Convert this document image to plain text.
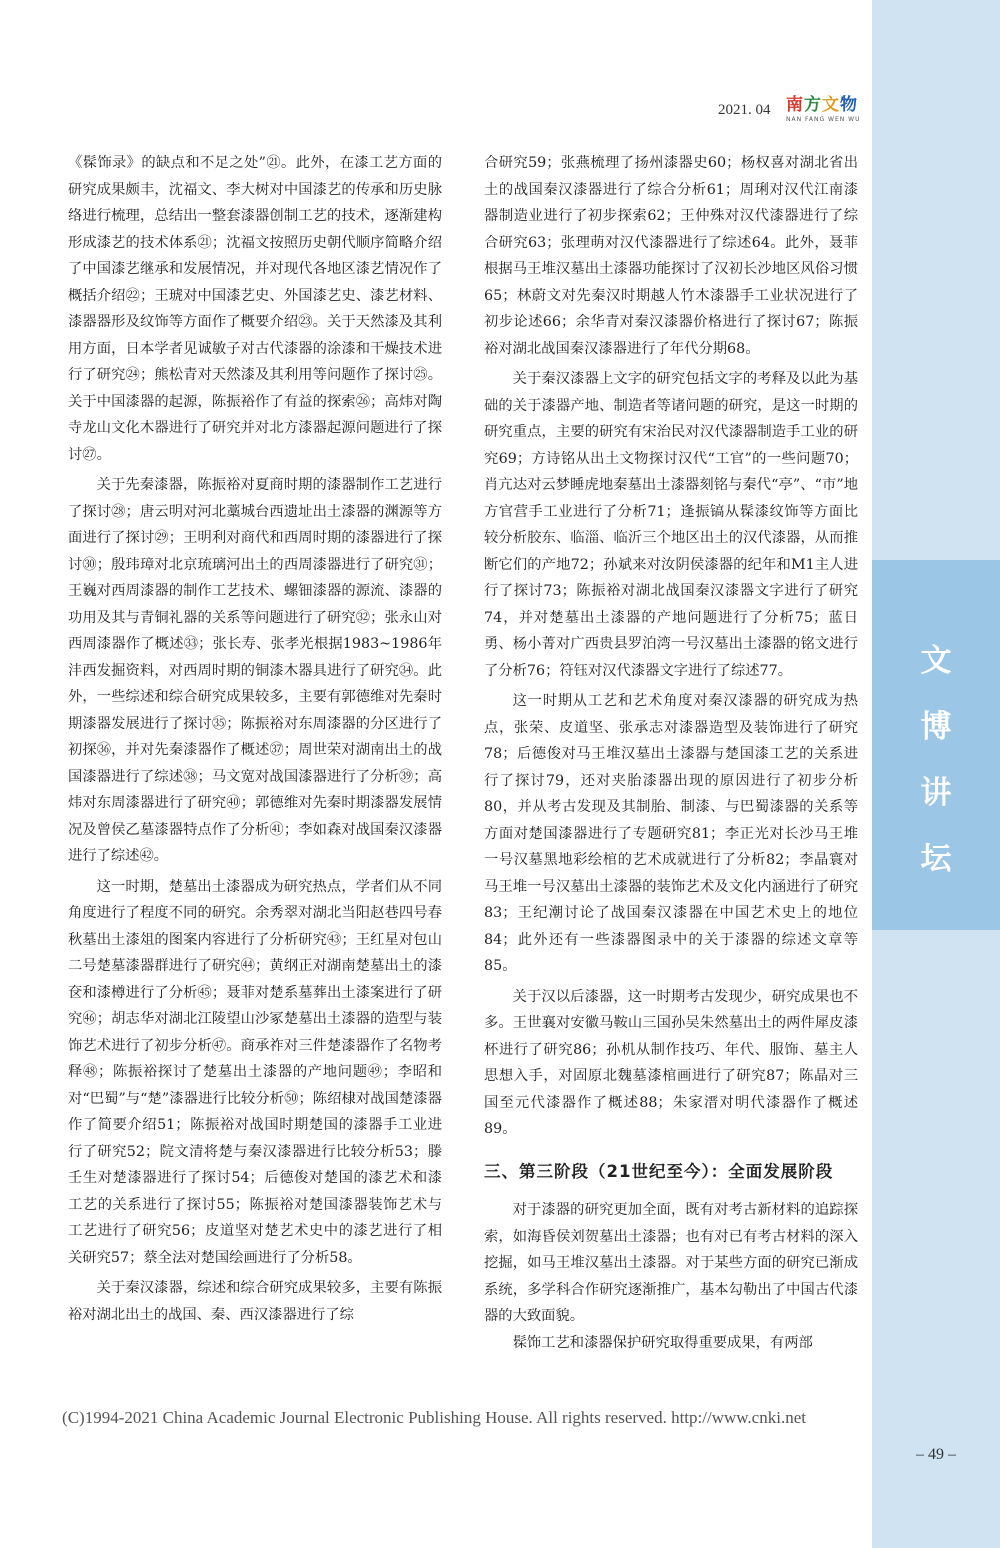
文
博
讲
坛
2021. 04 南方文物
NAN FANG WEN WU

《髹饰录》的缺点和不足之处”㉑。此外，在漆工艺方面的研究成果颇丰，沈福文、李大树对中国漆艺的传承和历史脉络进行梳理，总结出一整套漆器创制工艺的技术，逐渐建构形成漆艺的技术体系㉑；沈福文按照历史朝代顺序简略介绍了中国漆艺继承和发展情况，并对现代各地区漆艺情况作了概括介绍㉒；王琥对中国漆艺史、外国漆艺史、漆艺材料、漆器器形及纹饰等方面作了概要介绍㉓。关于天然漆及其利用方面，日本学者见诚敏子对古代漆器的涂漆和干燥技术进行了研究㉔；熊松青对天然漆及其利用等问题作了探讨㉕。关于中国漆器的起源，陈振裕作了有益的探索㉖；高炜对陶寺龙山文化木器进行了研究并对北方漆器起源问题进行了探讨㉗。

关于先秦漆器，陈振裕对夏商时期的漆器制作工艺进行了探讨㉘；唐云明对河北藁城台西遗址出土漆器的渊源等方面进行了探讨㉙；王明利对商代和西周时期的漆器进行了探讨㉚；殷玮璋对北京琉璃河出土的西周漆器进行了研究㉛；王巍对西周漆器的制作工艺技术、螺钿漆器的源流、漆器的功用及其与青铜礼器的关系等问题进行了研究㉜；张永山对西周漆器作了概述㉝；张长寿、张孝光根据1983~1986年沣西发掘资料，对西周时期的铜漆木器具进行了研究㉞。此外，一些综述和综合研究成果较多，主要有郭德维对先秦时期漆器发展进行了探讨㉟；陈振裕对东周漆器的分区进行了初探㊱，并对先秦漆器作了概述㊲；周世荣对湖南出土的战国漆器进行了综述㊳；马文宽对战国漆器进行了分析㊴；高炜对东周漆器进行了研究㊵；郭德维对先秦时期漆器发展情况及曾侯乙墓漆器特点作了分析㊶；李如森对战国秦汉漆器进行了综述㊷。

这一时期，楚墓出土漆器成为研究热点，学者们从不同角度进行了程度不同的研究。余秀翠对湖北当阳赵巷四号春秋墓出土漆俎的图案内容进行了分析研究㊸；王红星对包山二号楚墓漆器群进行了研究㊹；黄纲正对湖南楚墓出土的漆奁和漆樽进行了分析㊺；聂菲对楚系墓葬出土漆案进行了研究㊻；胡志华对湖北江陵望山沙冢楚墓出土漆器的造型与装饰艺术进行了初步分析㊼。商承祚对三件楚漆器作了名物考释㊽；陈振裕探讨了楚墓出土漆器的产地问题㊾；李昭和对“巴蜀”与“楚”漆器进行比较分析㊿；陈绍棣对战国楚漆器作了简要介绍51；陈振裕对战国时期楚国的漆器手工业进行了研究52；院文清将楚与秦汉漆器进行比较分析53；滕壬生对楚漆器进行了探讨54；后德俊对楚国的漆艺术和漆工艺的关系进行了探讨55；陈振裕对楚国漆器装饰艺术与工艺进行了研究56；皮道坚对楚艺术史中的漆艺进行了相关研究57；蔡全法对楚国绘画进行了分析58。

关于秦汉漆器，综述和综合研究成果较多，主要有陈振裕对湖北出土的战国、秦、西汉漆器进行了综

合研究59；张燕梳理了扬州漆器史60；杨权喜对湖北省出土的战国秦汉漆器进行了综合分析61；周琍对汉代江南漆器制造业进行了初步探索62；王仲殊对汉代漆器进行了综合研究63；张理萌对汉代漆器进行了综述64。此外，聂菲根据马王堆汉墓出土漆器功能探讨了汉初长沙地区风俗习惯65；林蔚文对先秦汉时期越人竹木漆器手工业状况进行了初步论述66；余华青对秦汉漆器价格进行了探讨67；陈振裕对湖北战国秦汉漆器进行了年代分期68。

关于秦汉漆器上文字的研究包括文字的考释及以此为基础的关于漆器产地、制造者等诸问题的研究，是这一时期的研究重点，主要的研究有宋治民对汉代漆器制造手工业的研究69；方诗铭从出土文物探讨汉代“工官”的一些问题70；肖亢达对云梦睡虎地秦墓出土漆器刻铭与秦代“亭”、“市”地方官营手工业进行了分析71；逢振镐从髹漆纹饰等方面比较分析胶东、临淄、临沂三个地区出土的汉代漆器，从而推断它们的产地72；孙斌来对汝阴侯漆器的纪年和M1主人进行了探讨73；陈振裕对湖北战国秦汉漆器文字进行了研究74，并对楚墓出土漆器的产地问题进行了分析75；蓝日勇、杨小菁对广西贵县罗泊湾一号汉墓出土漆器的铭文进行了分析76；符钰对汉代漆器文字进行了综述77。

这一时期从工艺和艺术角度对秦汉漆器的研究成为热点，张荣、皮道坚、张承志对漆器造型及装饰进行了研究78；后德俊对马王堆汉墓出土漆器与楚国漆工艺的关系进行了探讨79，还对夹胎漆器出现的原因进行了初步分析80，并从考古发现及其制胎、制漆、与巴蜀漆器的关系等方面对楚国漆器进行了专题研究81；李正光对长沙马王堆一号汉墓黑地彩绘棺的艺术成就进行了分析82；李晶寰对马王堆一号汉墓出土漆器的装饰艺术及文化内涵进行了研究83；王纪潮讨论了战国秦汉漆器在中国艺术史上的地位84；此外还有一些漆器图录中的关于漆器的综述文章等85。

关于汉以后漆器，这一时期考古发现少，研究成果也不多。王世襄对安徽马鞍山三国孙吴朱然墓出土的两件犀皮漆杯进行了研究86；孙机从制作技巧、年代、服饰、墓主人思想入手，对固原北魏墓漆棺画进行了研究87；陈晶对三国至元代漆器作了概述88；朱家溍对明代漆器作了概述89。

三、第三阶段（21世纪至今）：全面发展阶段

对于漆器的研究更加全面，既有对考古新材料的追踪探索，如海昏侯刘贺墓出土漆器；也有对已有考古材料的深入挖掘，如马王堆汉墓出土漆器。对于某些方面的研究已渐成系统，多学科合作研究逐渐推广，基本勾勒出了中国古代漆器的大致面貌。

髹饰工艺和漆器保护研究取得重要成果，有两部

(C)1994-2021 China Academic Journal Electronic Publishing House. All rights reserved. http://www.cnki.net
– 49 –
